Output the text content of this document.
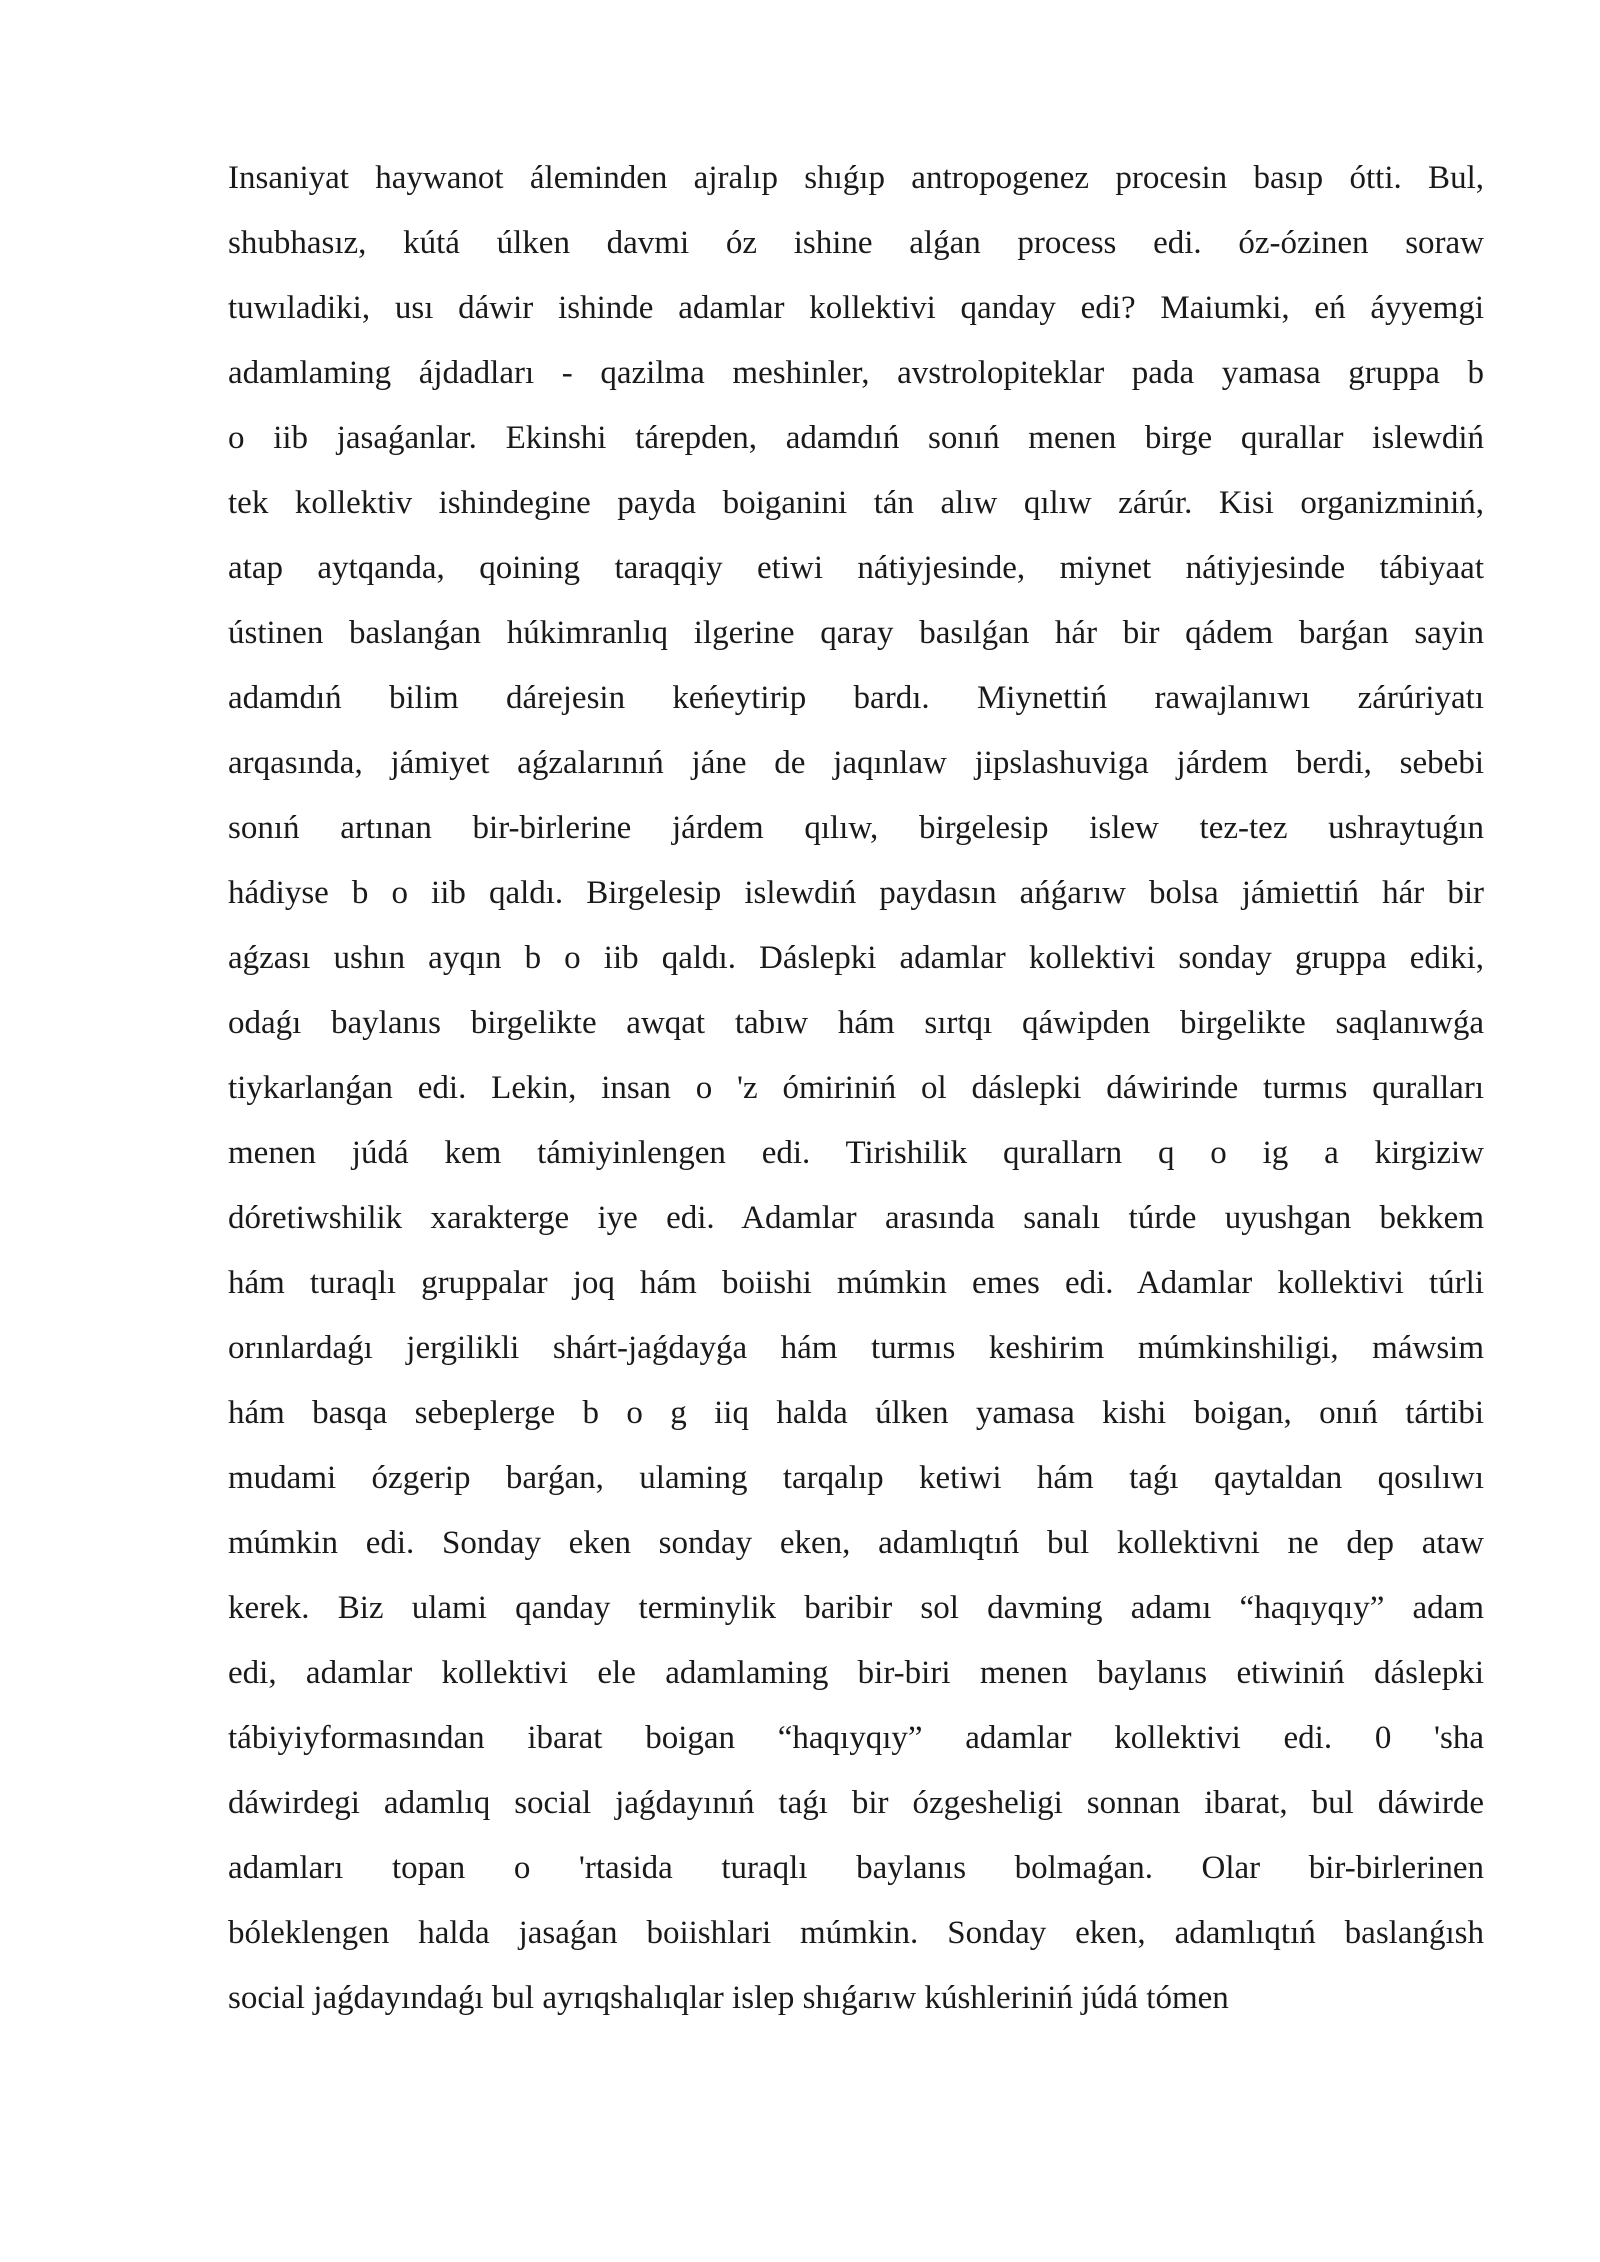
Insaniyat haywanot áleminden ajralıp shıǵıp antropogenez procesin basıp ótti. Bul,
shubhasız, kútá úlken davmi óz ishine alǵan process edi. óz-ózinen soraw
tuwıladiki, usı dáwir ishinde adamlar kollektivi qanday edi? Maiumki, eń áyyemgi
adamlaming ájdadları - qazilma meshinler, avstrolopiteklar pada yamasa gruppa b
o iib jasaǵanlar. Ekinshi tárepden, adamdıń sonıń menen birge qurallar islewdiń
tek kollektiv ishindegine payda boiganini tán alıw qılıw zárúr. Kisi organizminiń,
atap aytqanda, qoining taraqqiy etiwi nátiyjesinde, miynet nátiyjesinde tábiyaat
ústinen baslanǵan húkimranlıq ilgerine qaray basılǵan hár bir qádem barǵan sayin
adamdıń bilim dárejesin keńeytirip bardı. Miynettiń rawajlanıwı zárúriyatı
arqasında, jámiyet aǵzalarınıń jáne de jaqınlaw jipslashuviga járdem berdi, sebebi
sonıń artınan bir-birlerine járdem qılıw, birgelesip islew tez-tez ushraytuǵın
hádiyse b o iib qaldı. Birgelesip islewdiń paydasın ańǵarıw bolsa jámiettiń hár bir
aǵzası ushın ayqın b o iib qaldı. Dáslepki adamlar kollektivi sonday gruppa ediki,
odaǵı baylanıs birgelikte awqat tabıw hám sırtqı qáwipden birgelikte saqlanıwǵa
tiykarlanǵan edi. Lekin, insan o 'z ómiriniń ol dáslepki dáwirinde turmıs quralları
menen júdá kem támiyinlengen edi. Tirishilik qurallarn q o ig a kirgiziw
dóretiwshilik xarakterge iye edi. Adamlar arasında sanalı túrde uyushgan bekkem
hám turaqlı gruppalar joq hám boiishi múmkin emes edi. Adamlar kollektivi túrli
orınlardaǵı jergilikli shárt-jaǵdayǵa hám turmıs keshirim múmkinshiligi, máwsim
hám basqa sebeplerge b o g iiq halda úlken yamasa kishi boigan, onıń tártibi
mudami ózgerip barǵan, ulaming tarqalıp ketiwi hám taǵı qaytaldan qosılıwı
múmkin edi. Sonday eken sonday eken, adamlıqtıń bul kollektivni ne dep ataw
kerek. Biz ulami qanday terminylik baribir sol davming adamı “haqıyqıy” adam
edi, adamlar kollektivi ele adamlaming bir-biri menen baylanıs etiwiniń dáslepki
tábiyiyformasından ibarat boigan “haqıyqıy” adamlar kollektivi edi. 0 'sha
dáwirdegi adamlıq social jaǵdayınıń taǵı bir ózgesheligi sonnan ibarat, bul dáwirde
adamları topan o 'rtasida turaqlı baylanıs bolmaǵan. Olar bir-birlerinen
bóleklengen halda jasaǵan boiishlari múmkin. Sonday eken, adamlıqtıń baslanǵısh
social jaǵdayındaǵı bul ayrıqshalıqlar islep shıǵarıw kúshleriniń júdá tómen
